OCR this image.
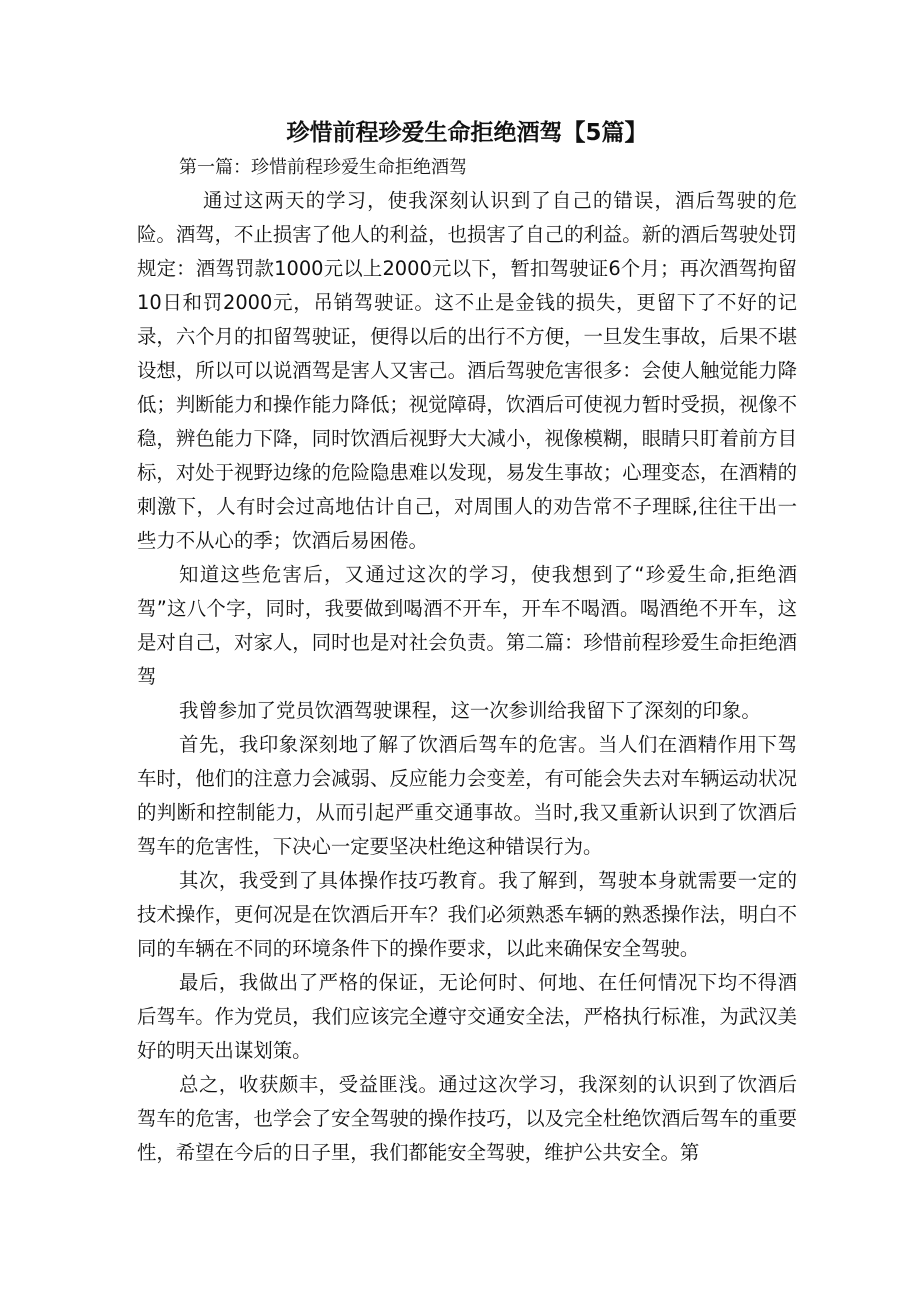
珍惜前程珍爱生命拒绝酒驾【5篇】

第一篇：珍惜前程珍爱生命拒绝酒驾

通过这两天的学习，使我深刻认识到了自己的错误，酒后驾驶的危险。酒驾，不止损害了他人的利益，也损害了自己的利益。新的酒后驾驶处罚规定：酒驾罚款1000元以上2000元以下，暂扣驾驶证6个月；再次酒驾拘留10日和罚2000元，吊销驾驶证。这不止是金钱的损失，更留下了不好的记录，六个月的扣留驾驶证，便得以后的出行不方便，一旦发生事故，后果不堪设想，所以可以说酒驾是害人又害己。酒后驾驶危害很多：会使人触觉能力降低；判断能力和操作能力降低；视觉障碍，饮酒后可使视力暂时受损，视像不稳，辨色能力下降，同时饮酒后视野大大减小，视像模糊，眼睛只盯着前方目标，对处于视野边缘的危险隐患难以发现，易发生事故；心理变态，在酒精的刺激下，人有时会过高地估计自己，对周围人的劝告常不子理睬,往往干出一些力不从心的季；饮酒后易困倦。

知道这些危害后，又通过这次的学习，使我想到了“珍爱生命,拒绝酒驾”这八个字，同时，我要做到喝酒不开车，开车不喝酒。喝酒绝不开车，这是对自己，对家人，同时也是对社会负责。第二篇：珍惜前程珍爱生命拒绝酒驾

我曾参加了党员饮酒驾驶课程，这一次参训给我留下了深刻的印象。

首先，我印象深刻地了解了饮酒后驾车的危害。当人们在酒精作用下驾车时，他们的注意力会减弱、反应能力会变差，有可能会失去对车辆运动状况的判断和控制能力，从而引起严重交通事故。当时,我又重新认识到了饮酒后驾车的危害性，下决心一定要坚决杜绝这种错误行为。

其次，我受到了具体操作技巧教育。我了解到，驾驶本身就需要一定的技术操作，更何况是在饮酒后开车？我们必须熟悉车辆的熟悉操作法，明白不同的车辆在不同的环境条件下的操作要求，以此来确保安全驾驶。

最后，我做出了严格的保证，无论何时、何地、在任何情况下均不得酒后驾车。作为党员，我们应该完全遵守交通安全法，严格执行标准，为武汉美好的明天出谋划策。

总之，收获颇丰，受益匪浅。通过这次学习，我深刻的认识到了饮酒后驾车的危害，也学会了安全驾驶的操作技巧，以及完全杜绝饮酒后驾车的重要性，希望在今后的日子里，我们都能安全驾驶，维护公共安全。第
